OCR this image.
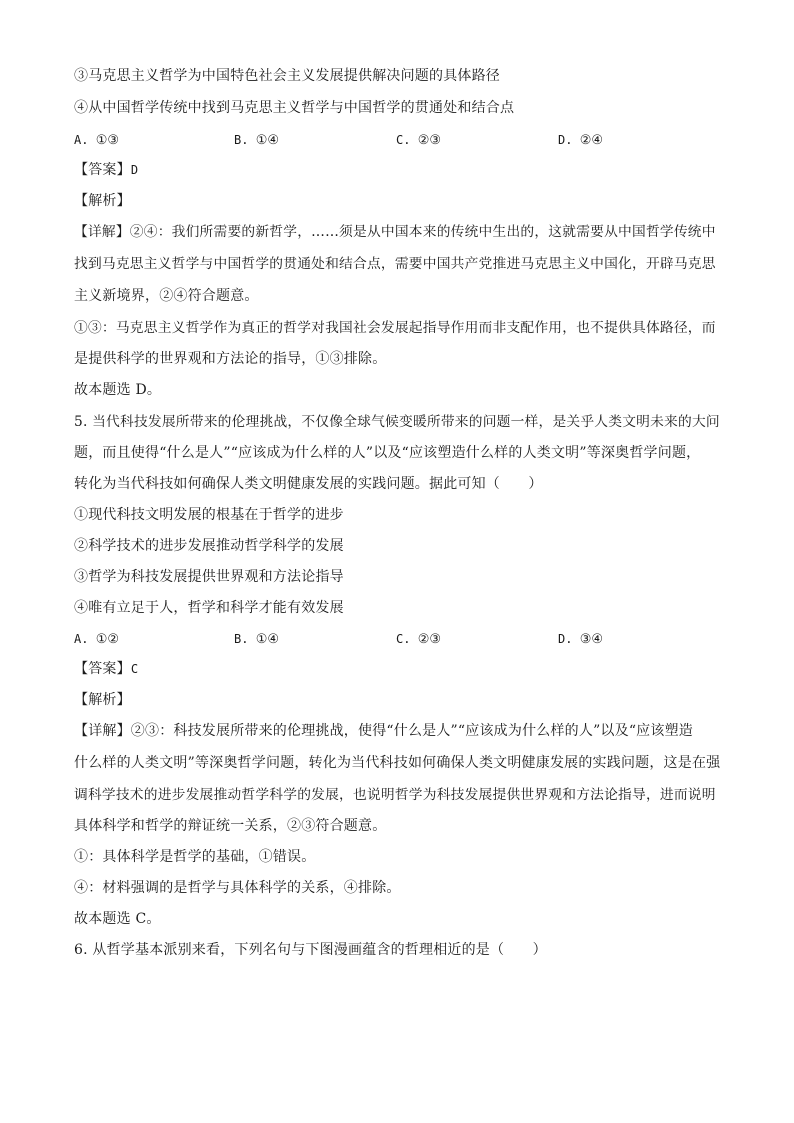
③马克思主义哲学为中国特色社会主义发展提供解决问题的具体路径
④从中国哲学传统中找到马克思主义哲学与中国哲学的贯通处和结合点
A. ①③	B. ①④	C. ②③	D. ②④
【答案】D
【解析】
【详解】②④：我们所需要的新哲学，……须是从中国本来的传统中生出的，这就需要从中国哲学传统中
找到马克思主义哲学与中国哲学的贯通处和结合点，需要中国共产党推进马克思主义中国化，开辟马克思
主义新境界，②④符合题意。
①③：马克思主义哲学作为真正的哲学对我国社会发展起指导作用而非支配作用，也不提供具体路径，而
是提供科学的世界观和方法论的指导，①③排除。
故本题选 D。
5. 当代科技发展所带来的伦理挑战，不仅像全球气候变暖所带来的问题一样，是关乎人类文明未来的大问
题，而且使得“什么是人”“应该成为什么样的人”以及“应该塑造什么样的人类文明”等深奥哲学问题，
转化为当代科技如何确保人类文明健康发展的实践问题。据此可知（　　）
①现代科技文明发展的根基在于哲学的进步
②科学技术的进步发展推动哲学科学的发展
③哲学为科技发展提供世界观和方法论指导
④唯有立足于人，哲学和科学才能有效发展
A. ①②	B. ①④	C. ②③	D. ③④
【答案】C
【解析】
【详解】②③：科技发展所带来的伦理挑战，使得“什么是人”“应该成为什么样的人”以及“应该塑造
什么样的人类文明”等深奥哲学问题，转化为当代科技如何确保人类文明健康发展的实践问题，这是在强
调科学技术的进步发展推动哲学科学的发展，也说明哲学为科技发展提供世界观和方法论指导，进而说明
具体科学和哲学的辩证统一关系，②③符合题意。
①：具体科学是哲学的基础，①错误。
④：材料强调的是哲学与具体科学的关系，④排除。
故本题选 C。
6. 从哲学基本派别来看，下列名句与下图漫画蕴含的哲理相近的是（　　）
